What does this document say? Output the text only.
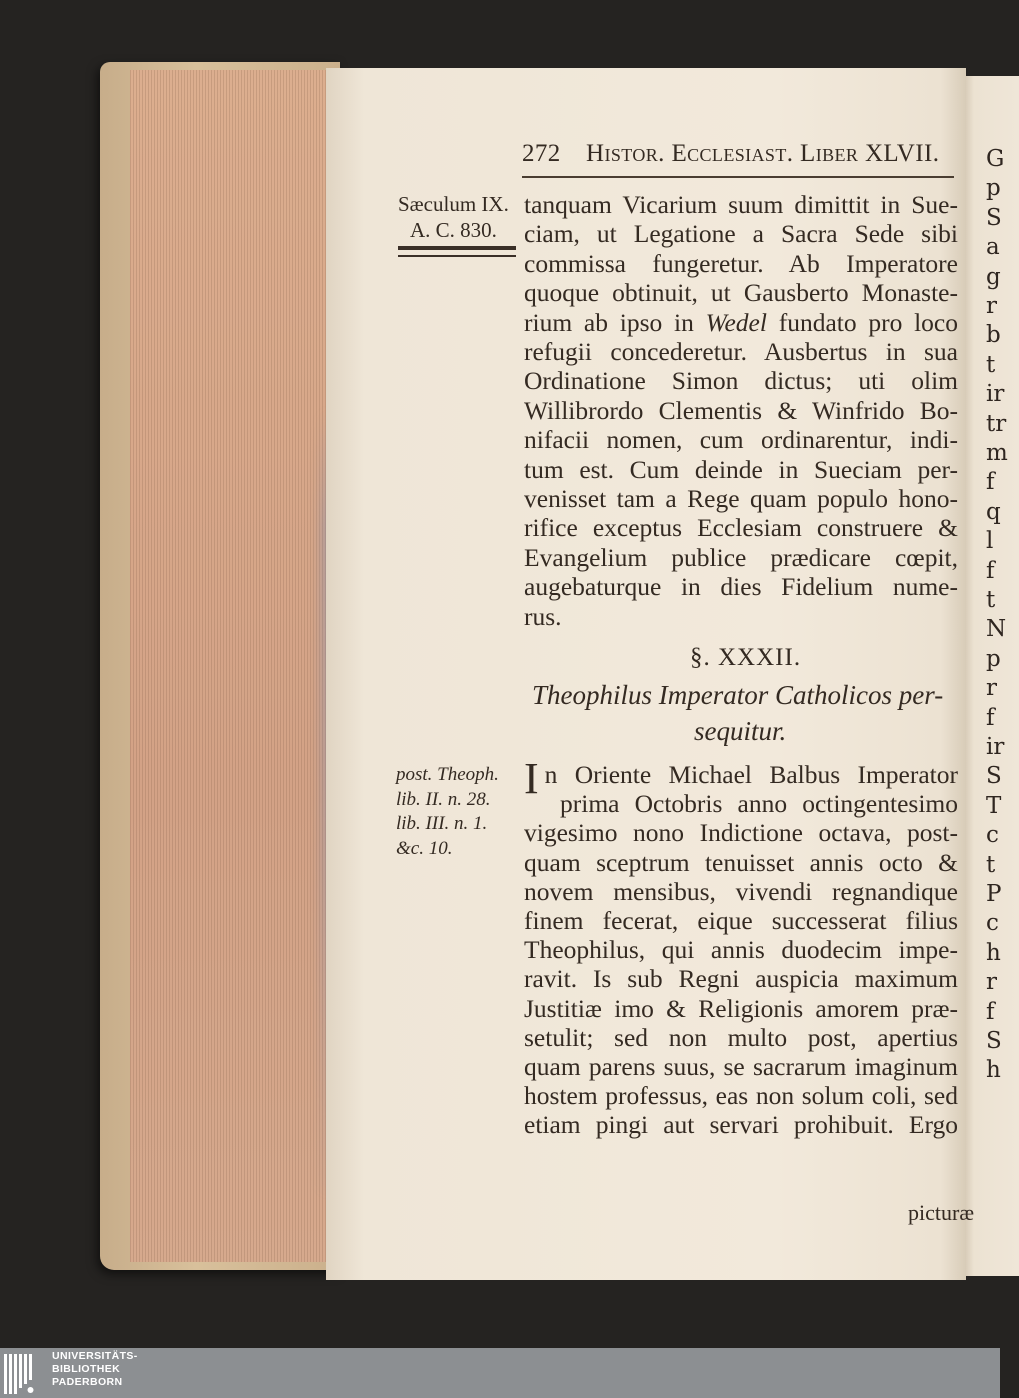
G
p
S
a
g
r
b
t
ir
tr
m
f
q
l
f
t
N
p
r
f
ir
S
T
c
t
P
c
h
r
f
S
h
272 Histor. Ecclesiast. Liber XLVII.
Sæculum IX.
A. C. 830.
tanquam Vicarium suum dimittit in Sue-
ciam, ut Legatione a Sacra Sede sibi
commissa fungeretur. Ab Imperatore
quoque obtinuit, ut Gausberto Monaste-
rium ab ipso in Wedel fundato pro loco
refugii concederetur. Ausbertus in sua
Ordinatione Simon dictus; uti olim
Willibrordo Clementis & Winfrido Bo-
nifacii nomen, cum ordinarentur, indi-
tum est. Cum deinde in Sueciam per-
venisset tam a Rege quam populo hono-
rifice exceptus Ecclesiam construere &
Evangelium publice prædicare cœpit,
augebaturque in dies Fidelium nume-
rus.
§. XXXII.
Theophilus Imperator Catholicos per-
sequitur.
post. Theoph.
lib. II. n. 28.
lib. III. n. 1.
&c. 10.
In Oriente Michael Balbus Imperator
prima Octobris anno octingentesimo
vigesimo nono Indictione octava, post-
quam sceptrum tenuisset annis octo &
novem mensibus, vivendi regnandique
finem fecerat, eique successerat filius
Theophilus, qui annis duodecim impe-
ravit. Is sub Regni auspicia maximum
Justitiæ imo & Religionis amorem præ-
setulit; sed non multo post, apertius
quam parens suus, se sacrarum imaginum
hostem professus, eas non solum coli, sed
etiam pingi aut servari prohibuit. Ergo
picturæ
UNIVERSITÄTS-
BIBLIOTHEK
PADERBORN
